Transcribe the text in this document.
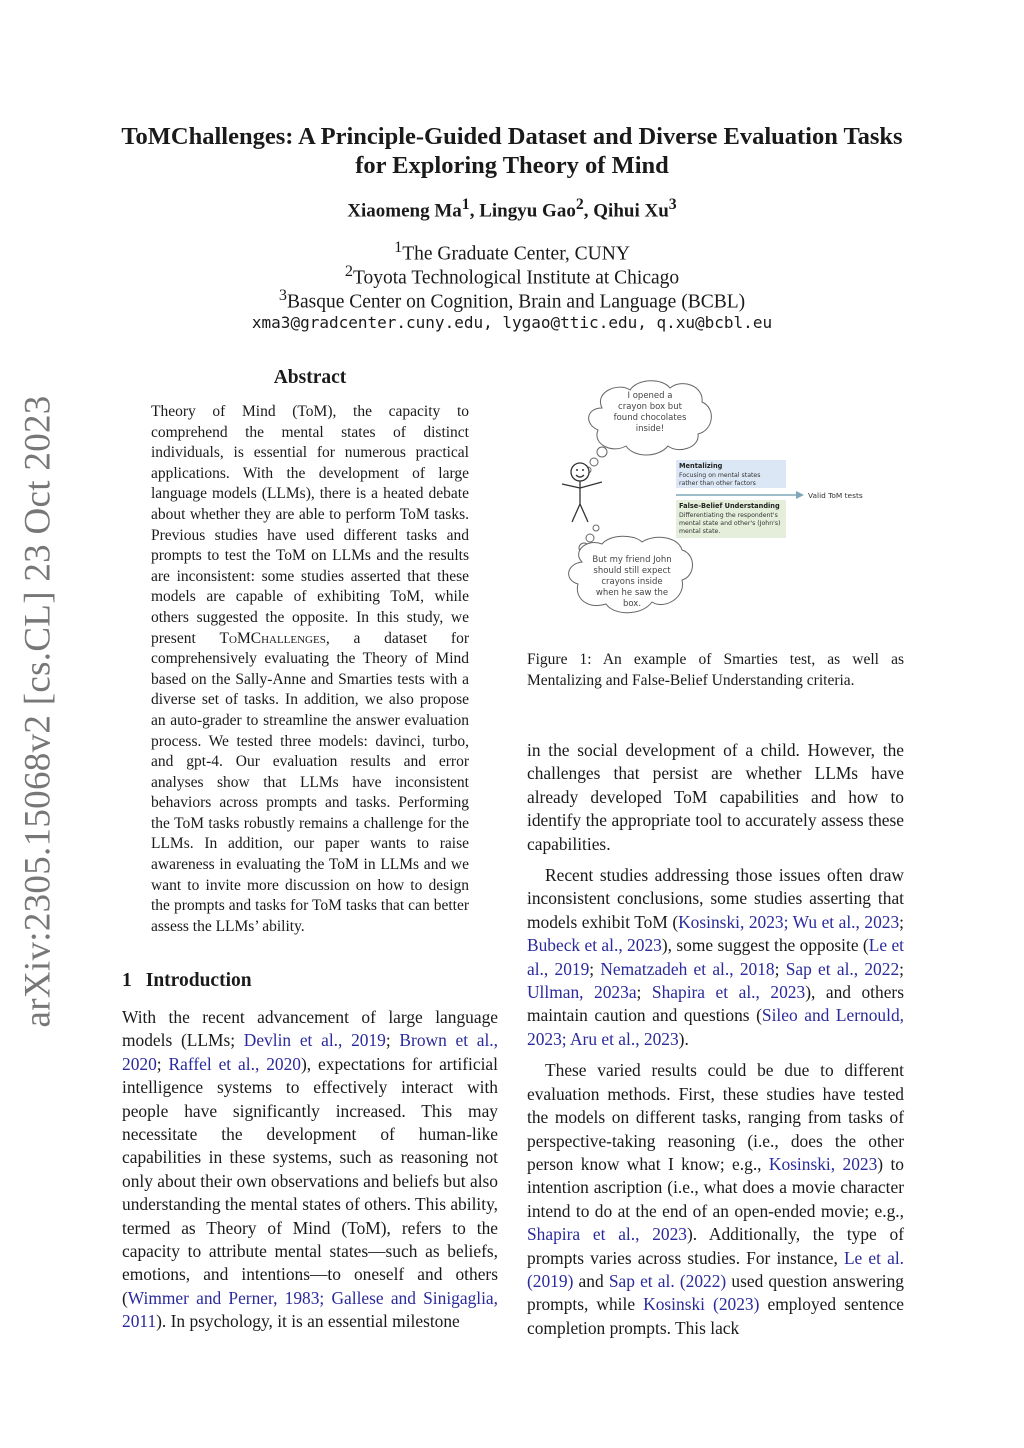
arXiv:2305.15068v2 [cs.CL] 23 Oct 2023
ToMChallenges: A Principle-Guided Dataset and Diverse Evaluation Tasks
for Exploring Theory of Mind
Xiaomeng Ma$^1$, Lingyu Gao$^2$, Qihui Xu$^3$
$^1$The Graduate Center, CUNY
$^2$Toyota Technological Institute at Chicago
$^3$Basque Center on Cognition, Brain and Language (BCBL)
xma3@gradcenter.cuny.edu, lygao@ttic.edu, q.xu@bcbl.eu
Abstract
Theory of Mind (ToM), the capacity to comprehend the mental states of distinct individuals, is essential for numerous practical applications. With the development of large language models (LLMs), there is a heated debate about whether they are able to perform ToM tasks. Previous studies have used different tasks and prompts to test the ToM on LLMs and the results are inconsistent: some studies asserted that these models are capable of exhibiting ToM, while others suggested the opposite. In this study, we present ToMChallenges, a dataset for comprehensively evaluating the Theory of Mind based on the Sally-Anne and Smarties tests with a diverse set of tasks. In addition, we also propose an auto-grader to streamline the answer evaluation process. We tested three models: davinci, turbo, and gpt-4. Our evaluation results and error analyses show that LLMs have inconsistent behaviors across prompts and tasks. Performing the ToM tasks robustly remains a challenge for the LLMs. In addition, our paper wants to raise awareness in evaluating the ToM in LLMs and we want to invite more discussion on how to design the prompts and tasks for ToM tasks that can better assess the LLMs’ ability.
1 Introduction

With the recent advancement of large language models (LLMs; Devlin et al., 2019; Brown et al., 2020; Raffel et al., 2020), expectations for artificial intelligence systems to effectively interact with people have significantly increased. This may necessitate the development of human-like capabilities in these systems, such as reasoning not only about their own observations and beliefs but also understanding the mental states of others. This ability, termed as Theory of Mind (ToM), refers to the capacity to attribute mental states—such as beliefs, emotions, and intentions—to oneself and others (Wimmer and Perner, 1983; Gallese and Sinigaglia, 2011). In psychology, it is an essential milestone

in the social development of a child. However, the challenges that persist are whether LLMs have already developed ToM capabilities and how to identify the appropriate tool to accurately assess these capabilities.

Recent studies addressing those issues often draw inconsistent conclusions, some studies asserting that models exhibit ToM (Kosinski, 2023; Wu et al., 2023; Bubeck et al., 2023), some suggest the opposite (Le et al., 2019; Nematzadeh et al., 2018; Sap et al., 2022; Ullman, 2023a; Shapira et al., 2023), and others maintain caution and questions (Sileo and Lernould, 2023; Aru et al., 2023).

These varied results could be due to different evaluation methods. First, these studies have tested the models on different tasks, ranging from tasks of perspective-taking reasoning (i.e., does the other person know what I know; e.g., Kosinski, 2023) to intention ascription (i.e., what does a movie character intend to do at the end of an open-ended movie; e.g., Shapira et al., 2023). Additionally, the type of prompts varies across studies. For instance, Le et al. (2019) and Sap et al. (2022) used question answering prompts, while Kosinski (2023) employed sentence completion prompts. This lack

I opened a
crayon box but
found chocolates
inside!
But my friend John
should still expect
crayons inside
when he saw the
box.
Mentalizing
Focusing on mental states
rather than other factors
Valid ToM tests
False-Belief Understanding
Differentiating the respondent's
mental state and other's (John's)
mental state.
Figure 1: An example of Smarties test, as well as Mentalizing and False-Belief Understanding criteria.
